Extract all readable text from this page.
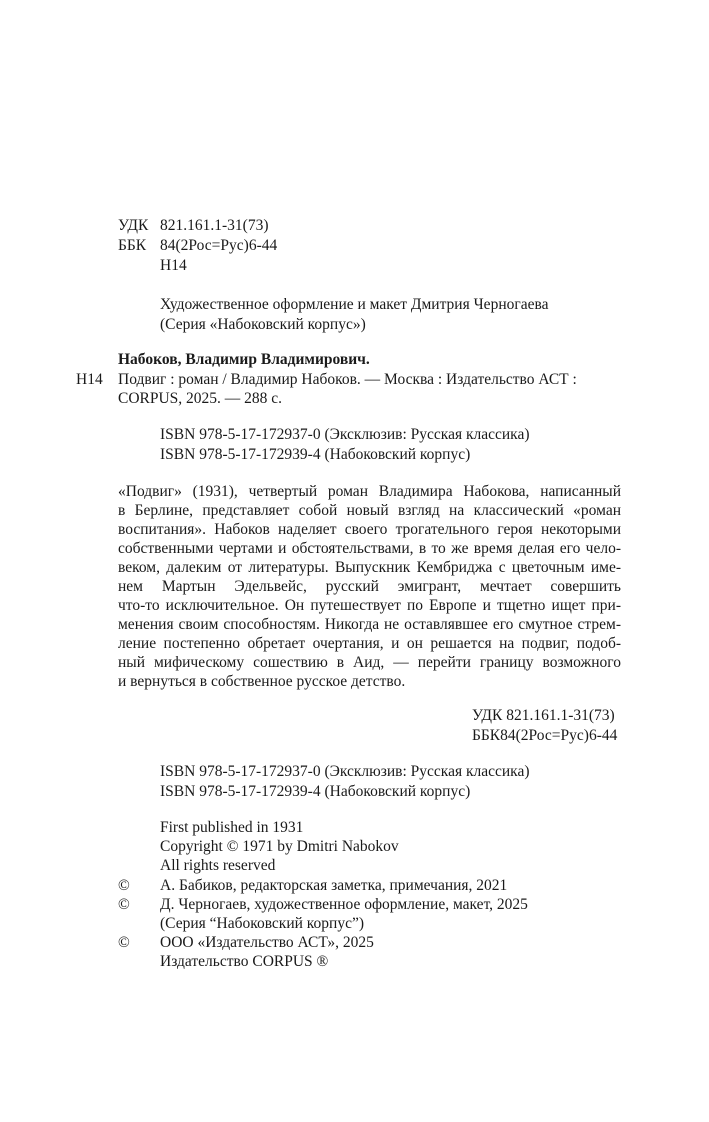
УДК 821.161.1-31(73)
ББК 84(2Рос=Рус)6-44
Н14
Художественное оформление и макет Дмитрия Черногаева
(Серия «Набоковский корпус»)
Набоков, Владимир Владимирович.
Н14 Подвиг : роман / Владимир Набоков. — Москва : Издательство АСТ :
CORPUS, 2025. — 288 с.
ISBN 978-5-17-172937-0 (Эксклюзив: Русская классика)
ISBN 978-5-17-172939-4 (Набоковский корпус)
«Подвиг» (1931), четвертый роман Владимира Набокова, написанный
в Берлине, представляет собой новый взгляд на классический «роман
воспитания». Набоков наделяет своего трогательного героя некоторыми
собственными чертами и обстоятельствами, в то же время делая его чело-
веком, далеким от литературы. Выпускник Кембриджа с цветочным име-
нем Мартын Эдельвейс, русский эмигрант, мечтает совершить
что-то исключительное. Он путешествует по Европе и тщетно ищет при-
менения своим способностям. Никогда не оставлявшее его смутное стрем-
ление постепенно обретает очертания, и он решается на подвиг, подоб-
ный мифическому сошествию в Аид, — перейти границу возможного
и вернуться в собственное русское детство.
УДК 821.161.1-31(73)
ББК84(2Рос=Рус)6-44
ISBN 978-5-17-172937-0 (Эксклюзив: Русская классика)
ISBN 978-5-17-172939-4 (Набоковский корпус)
First published in 1931
Copyright © 1971 by Dmitri Nabokov
All rights reserved
© А. Бабиков, редакторская заметка, примечания, 2021
© Д. Черногаев, художественное оформление, макет, 2025
(Серия “Набоковский корпус”)
© ООО «Издательство АСТ», 2025
Издательство CORPUS ®
